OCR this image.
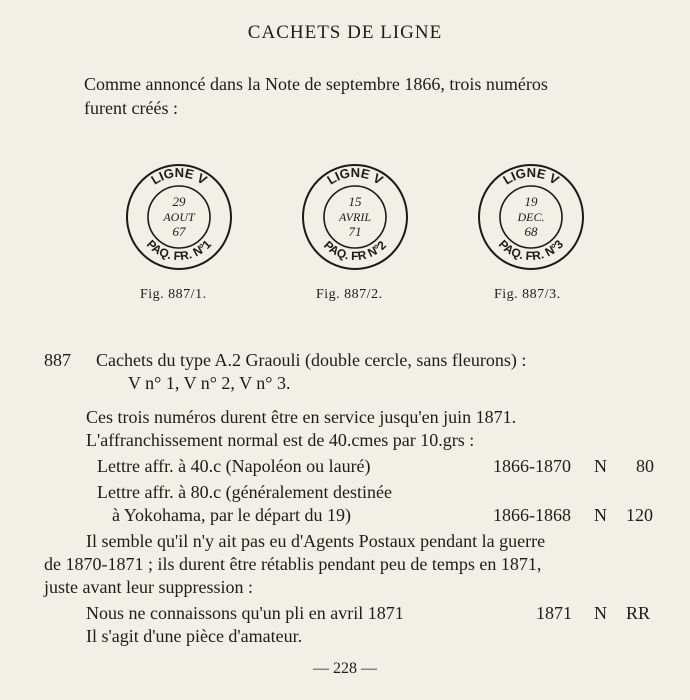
CACHETS DE LIGNE
Comme annoncé dans la Note de septembre 1866, trois numéros
furent créés :
LIGNE V
PAQ. FR. N°1
29
AOUT
67
LIGNE V
PAQ. FR N°2
15
AVRIL
71
LIGNE V
PAQ. FR. N°3
19
DEC.
68
Fig. 887/1.	Fig. 887/2.	Fig. 887/3.
887 Cachets du type A.2 Graouli (double cercle, sans fleurons) :
V n° 1, V n° 2, V n° 3.
Ces trois numéros durent être en service jusqu'en juin 1871.
L'affranchissement normal est de 40.cmes par 10.grs :
Lettre affr. à 40.c (Napoléon ou lauré)	1866-1870 N 80
Lettre affr. à 80.c (généralement destinée
à Yokohama, par le départ du 19)	1866-1868 N 120
Il semble qu'il n'y ait pas eu d'Agents Postaux pendant la guerre
de 1870-1871 ; ils durent être rétablis pendant peu de temps en 1871,
juste avant leur suppression :
Nous ne connaissons qu'un pli en avril 1871	1871 N RR
Il s'agit d'une pièce d'amateur.
— 228 —
